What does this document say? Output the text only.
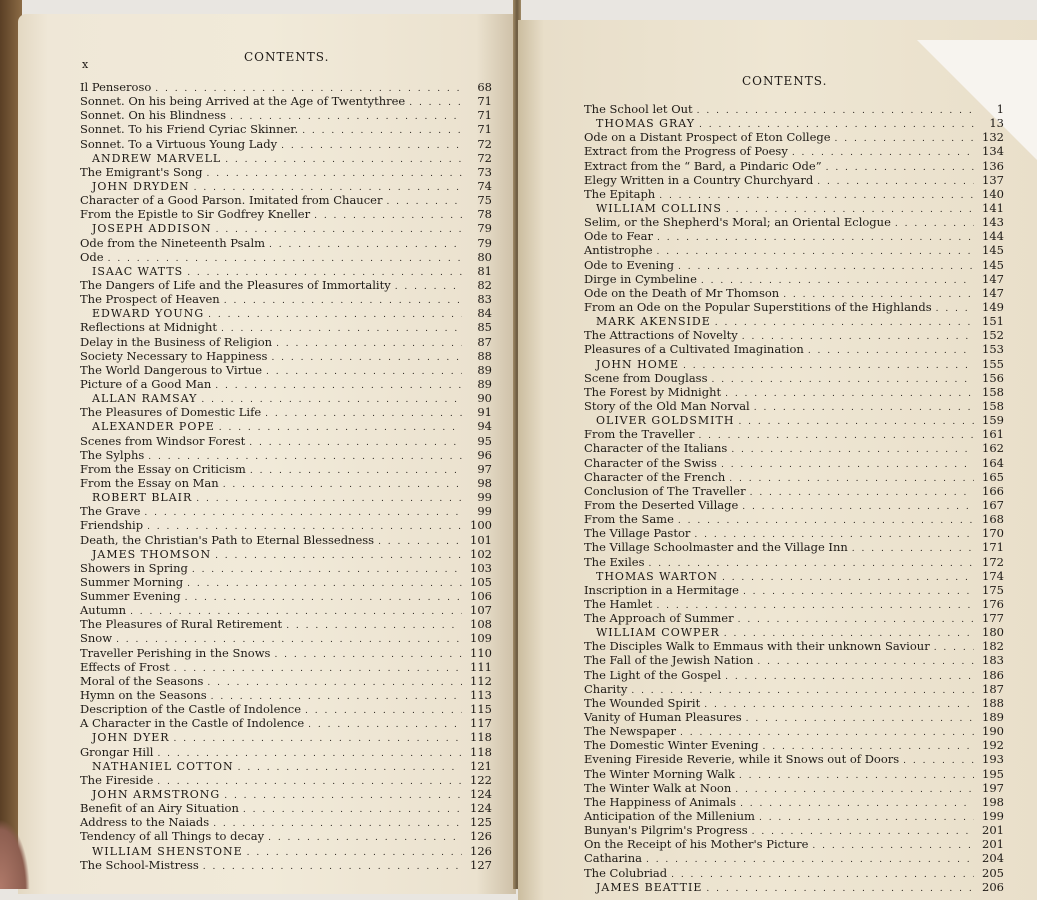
x
CONTENTS.
Il Penseroso . . .	68
Sonnet. On his being Arrived at the Age of Twentythree . . .	71
Sonnet. On his Blindness . . .	71
Sonnet. To his Friend Cyriac Skinner. . . .	71
Sonnet. To a Virtuous Young Lady . . .	72
ANDREW MARVELL . . .	72
The Emigrant's Song . . .	73
JOHN DRYDEN . . .	74
Character of a Good Parson. Imitated from Chaucer . . .	75
From the Epistle to Sir Godfrey Kneller . . .	78
JOSEPH ADDISON . . .	79
Ode from the Nineteenth Psalm . . .	79
Ode . . .	80
ISAAC WATTS . . .	81
The Dangers of Life and the Pleasures of Immortality . . .	82
The Prospect of Heaven . . .	83
EDWARD YOUNG . . .	84
Reflections at Midnight . . .	85
Delay in the Business of Religion . . .	87
Society Necessary to Happiness . . .	88
The World Dangerous to Virtue . . .	89
Picture of a Good Man . . .	89
ALLAN RAMSAY . . .	90
The Pleasures of Domestic Life . . .	91
ALEXANDER POPE . . .	94
Scenes from Windsor Forest . . .	95
The Sylphs . . .	96
From the Essay on Criticism . . .	97
From the Essay on Man . . .	98
ROBERT BLAIR . . .	99
The Grave . . .	99
Friendship . . .	100
Death, the Christian's Path to Eternal Blessedness . . .	101
JAMES THOMSON . . .	102
Showers in Spring . . .	103
Summer Morning . . .	105
Summer Evening . . .	106
Autumn . . .	107
The Pleasures of Rural Retirement . . .	108
Snow . . .	109
Traveller Perishing in the Snows . . .	110
Effects of Frost . . .	111
Moral of the Seasons . . .	112
Hymn on the Seasons . . .	113
Description of the Castle of Indolence . . .	115
A Character in the Castle of Indolence . . .	117
JOHN DYER . . .	118
Grongar Hill . . .	118
NATHANIEL COTTON . . .	121
The Fireside . . .	122
JOHN ARMSTRONG . . .	124
Benefit of an Airy Situation . . .	124
Address to the Naiads . . .	125
Tendency of all Things to decay . . .	126
WILLIAM SHENSTONE . . .	126
The School-Mistress . . .	127
CONTENTS.
The School let Out . . .	1
THOMAS GRAY . . .	13
Ode on a Distant Prospect of Eton College . . .	132
Extract from the Progress of Poesy . . .	134
Extract from the “ Bard, a Pindaric Ode” . . .	136
Elegy Written in a Country Churchyard . . .	137
The Epitaph . . .	140
WILLIAM COLLINS . . .	141
Selim, or the Shepherd's Moral; an Oriental Eclogue . . .	143
Ode to Fear . . .	144
Antistrophe . . .	145
Ode to Evening . . .	145
Dirge in Cymbeline . . .	147
Ode on the Death of Mr Thomson . . .	147
From an Ode on the Popular Superstitions of the Highlands . . .	149
MARK AKENSIDE . . .	151
The Attractions of Novelty . . .	152
Pleasures of a Cultivated Imagination . . .	153
JOHN HOME . . .	155
Scene from Douglass . . .	156
The Forest by Midnight . . .	158
Story of the Old Man Norval . . .	158
OLIVER GOLDSMITH . . .	159
From the Traveller . . .	161
Character of the Italians . . .	162
Character of the Swiss . . .	164
Character of the French . . .	165
Conclusion of The Traveller . . .	166
From the Deserted Village . . .	167
From the Same . . .	168
The Village Pastor . . .	170
The Village Schoolmaster and the Village Inn . . .	171
The Exiles . . .	172
THOMAS WARTON . . .	174
Inscription in a Hermitage . . .	175
The Hamlet . . .	176
The Approach of Summer . . .	177
WILLIAM COWPER . . .	180
The Disciples Walk to Emmaus with their unknown Saviour . . .	182
The Fall of the Jewish Nation . . .	183
The Light of the Gospel . . .	186
Charity . . .	187
The Wounded Spirit . . .	188
Vanity of Human Pleasures . . .	189
The Newspaper . . .	190
The Domestic Winter Evening . . .	192
Evening Fireside Reverie, while it Snows out of Doors . . .	193
The Winter Morning Walk . . .	195
The Winter Walk at Noon . . .	197
The Happiness of Animals . . .	198
Anticipation of the Millenium . . .	199
Bunyan's Pilgrim's Progress . . .	201
On the Receipt of his Mother's Picture . . .	201
Catharina . . .	204
The Colubriad . . .	205
JAMES BEATTIE . . .	206
